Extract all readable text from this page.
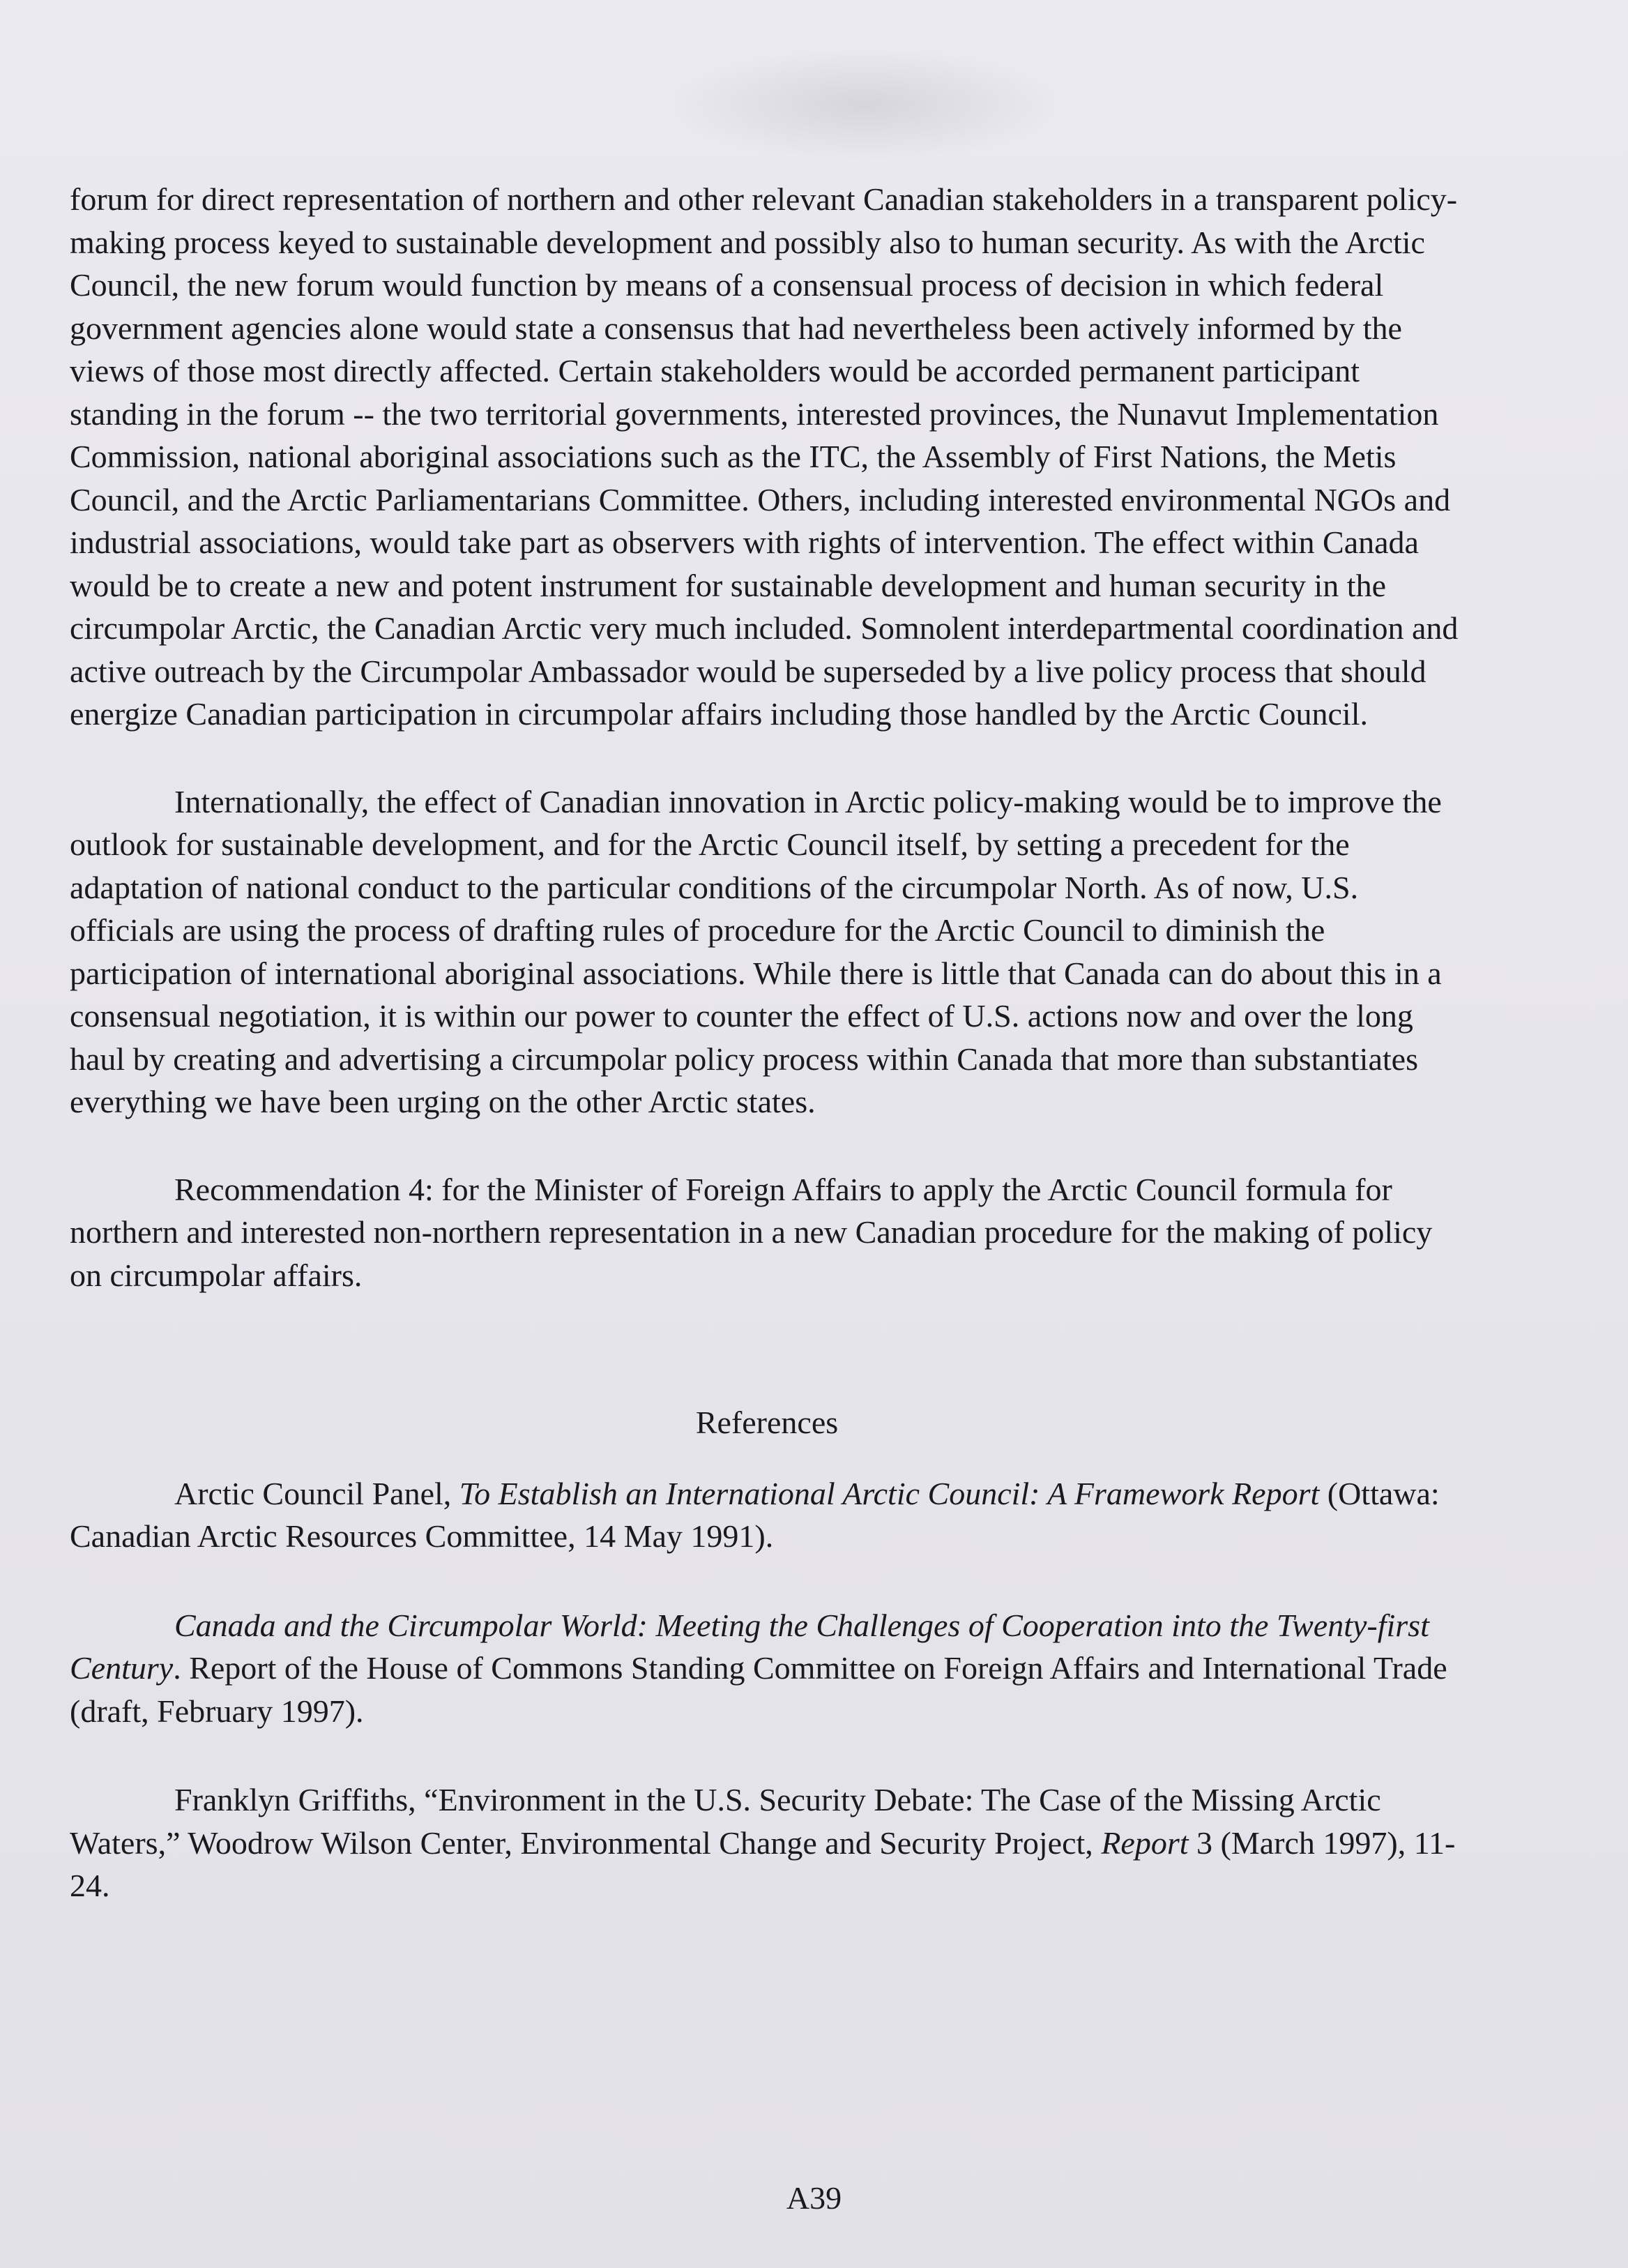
forum for direct representation of northern and other relevant Canadian stakeholders in a transparent policy-making process keyed to sustainable development and possibly also to human security. As with the Arctic Council, the new forum would function by means of a consensual process of decision in which federal government agencies alone would state a consensus that had nevertheless been actively informed by the views of those most directly affected. Certain stakeholders would be accorded permanent participant standing in the forum -- the two territorial governments, interested provinces, the Nunavut Implementation Commission, national aboriginal associations such as the ITC, the Assembly of First Nations, the Metis Council, and the Arctic Parliamentarians Committee. Others, including interested environmental NGOs and industrial associations, would take part as observers with rights of intervention. The effect within Canada would be to create a new and potent instrument for sustainable development and human security in the circumpolar Arctic, the Canadian Arctic very much included. Somnolent interdepartmental coordination and active outreach by the Circumpolar Ambassador would be superseded by a live policy process that should energize Canadian participation in circumpolar affairs including those handled by the Arctic Council.

Internationally, the effect of Canadian innovation in Arctic policy-making would be to improve the outlook for sustainable development, and for the Arctic Council itself, by setting a precedent for the adaptation of national conduct to the particular conditions of the circumpolar North. As of now, U.S. officials are using the process of drafting rules of procedure for the Arctic Council to diminish the participation of international aboriginal associations. While there is little that Canada can do about this in a consensual negotiation, it is within our power to counter the effect of U.S. actions now and over the long haul by creating and advertising a circumpolar policy process within Canada that more than substantiates everything we have been urging on the other Arctic states.

Recommendation 4: for the Minister of Foreign Affairs to apply the Arctic Council formula for northern and interested non-northern representation in a new Canadian procedure for the making of policy on circumpolar affairs.

References

Arctic Council Panel, To Establish an International Arctic Council: A Framework Report (Ottawa: Canadian Arctic Resources Committee, 14 May 1991).

Canada and the Circumpolar World: Meeting the Challenges of Cooperation into the Twenty-first Century. Report of the House of Commons Standing Committee on Foreign Affairs and International Trade (draft, February 1997).

Franklyn Griffiths, “Environment in the U.S. Security Debate: The Case of the Missing Arctic Waters,” Woodrow Wilson Center, Environmental Change and Security Project, Report 3 (March 1997), 11-24.

A39
